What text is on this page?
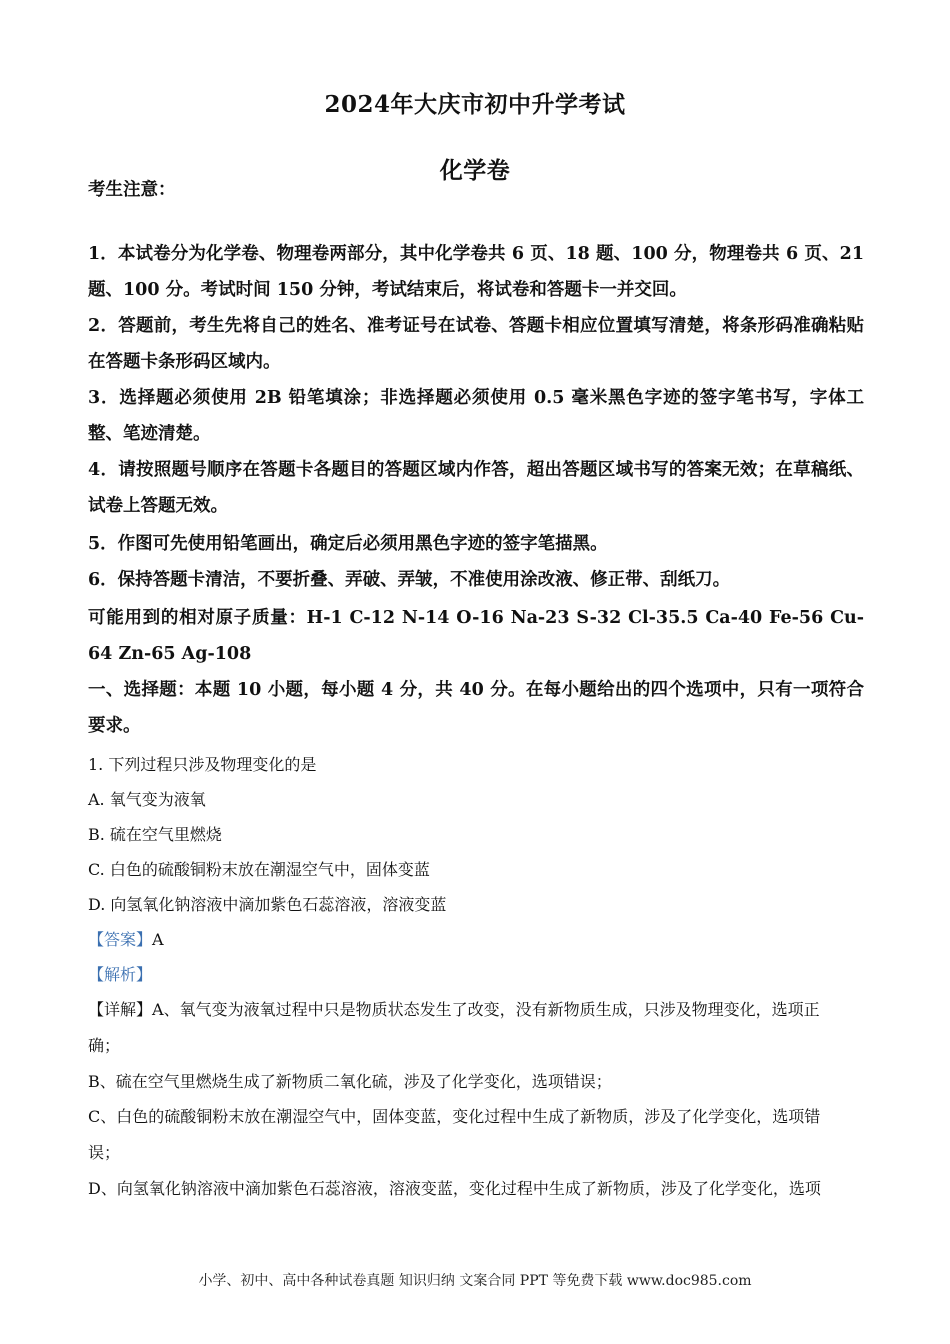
2024年大庆市初中升学考试
化学卷
考生注意：
1．本试卷分为化学卷、物理卷两部分，其中化学卷共 6 页、18 题、100 分，物理卷共 6 页、21 题、100 分。考试时间 150 分钟，考试结束后，将试卷和答题卡一并交回。
2．答题前，考生先将自己的姓名、准考证号在试卷、答题卡相应位置填写清楚，将条形码准确粘贴在答题卡条形码区域内。
3．选择题必须使用 2B 铅笔填涂；非选择题必须使用 0.5 毫米黑色字迹的签字笔书写，字体工整、笔迹清楚。
4．请按照题号顺序在答题卡各题目的答题区域内作答，超出答题区域书写的答案无效；在草稿纸、试卷上答题无效。
5．作图可先使用铅笔画出，确定后必须用黑色字迹的签字笔描黑。
6．保持答题卡清洁，不要折叠、弄破、弄皱，不准使用涂改液、修正带、刮纸刀。
可能用到的相对原子质量：H-1 C-12 N-14 O-16 Na-23 S-32 Cl-35.5 Ca-40 Fe-56 Cu-64 Zn-65 Ag-108
一、选择题：本题 10 小题，每小题 4 分，共 40 分。在每小题给出的四个选项中，只有一项符合要求。
1. 下列过程只涉及物理变化的是
A. 氧气变为液氧
B. 硫在空气里燃烧
C. 白色的硫酸铜粉末放在潮湿空气中，固体变蓝
D. 向氢氧化钠溶液中滴加紫色石蕊溶液，溶液变蓝
【答案】A
【解析】
【详解】A、氧气变为液氧过程中只是物质状态发生了改变，没有新物质生成，只涉及物理变化，选项正
确；
B、硫在空气里燃烧生成了新物质二氧化硫，涉及了化学变化，选项错误；
C、白色的硫酸铜粉末放在潮湿空气中，固体变蓝，变化过程中生成了新物质，涉及了化学变化，选项错
误；
D、向氢氧化钠溶液中滴加紫色石蕊溶液，溶液变蓝，变化过程中生成了新物质，涉及了化学变化，选项
小学、初中、高中各种试卷真题 知识归纳 文案合同 PPT 等免费下载 www.doc985.com
